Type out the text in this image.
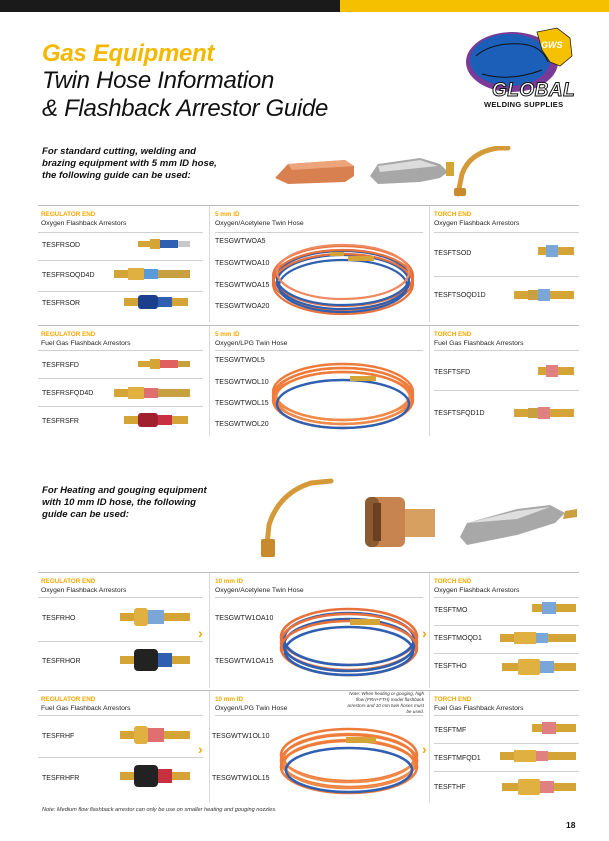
Gas Equipment
Twin Hose Information
& Flashback Arrestor Guide
GWS
GLOBAL
WELDING SUPPLIES
For standard cutting, welding and
brazing equipment with 5 mm ID hose,
the following guide can be used:
REGULATOR END
Oxygen Flashback Arrestors
5 mm ID
Oxygen/Acetylene Twin Hose
TORCH END
Oxygen Flashback Arrestors
TESFRSOD
TESFRSOQD4D
TESFRSOR
TESGWTWOA5
TESGWTWOA10
TESGWTWOA15
TESGWTWOA20
TESFTSOD
TESFTSOQD1D
REGULATOR END
Fuel Gas Flashback Arrestors
5 mm ID
Oxygen/LPG Twin Hose
TORCH END
Fuel Gas Flashback Arrestors
TESFRSFD
TESFRSFQD4D
TESFRSFR
TESGWTWOL5
TESGWTWOL10
TESGWTWOL15
TESGWTWOL20
TESFTSFD
TESFTSFQD1D
For Heating and gouging equipment
with 10 mm ID hose, the following
guide can be used:
REGULATOR END
Oxygen Flashback Arrestors
10 mm ID
Oxygen/Acetylene Twin Hose
TORCH END
Oxygen Flashback Arrestors
TESFRHO
TESFRHOR
TESGWTW1OA10
TESGWTW1OA15
TESFTMO
TESFTMOQD1
TESFTHO
›	›
REGULATOR END
Fuel Gas Flashback Arrestors
10 mm ID
Oxygen/LPG Twin Hose
TORCH END
Fuel Gas Flashback Arrestors
Note: When heating or gouging, high
flow (FRH+FTH) model flashback
arrestors and 10 mm twin hoses must
be used.
TESFRHF
TESFRHFR
TESGWTW1OL10
TESGWTW1OL15
TESFTMF
TESFTMFQD1
TESFTHF
›	›
Note: Medium flow flashback arrestor can only be use on smaller heating and gouging nozzles.
18
